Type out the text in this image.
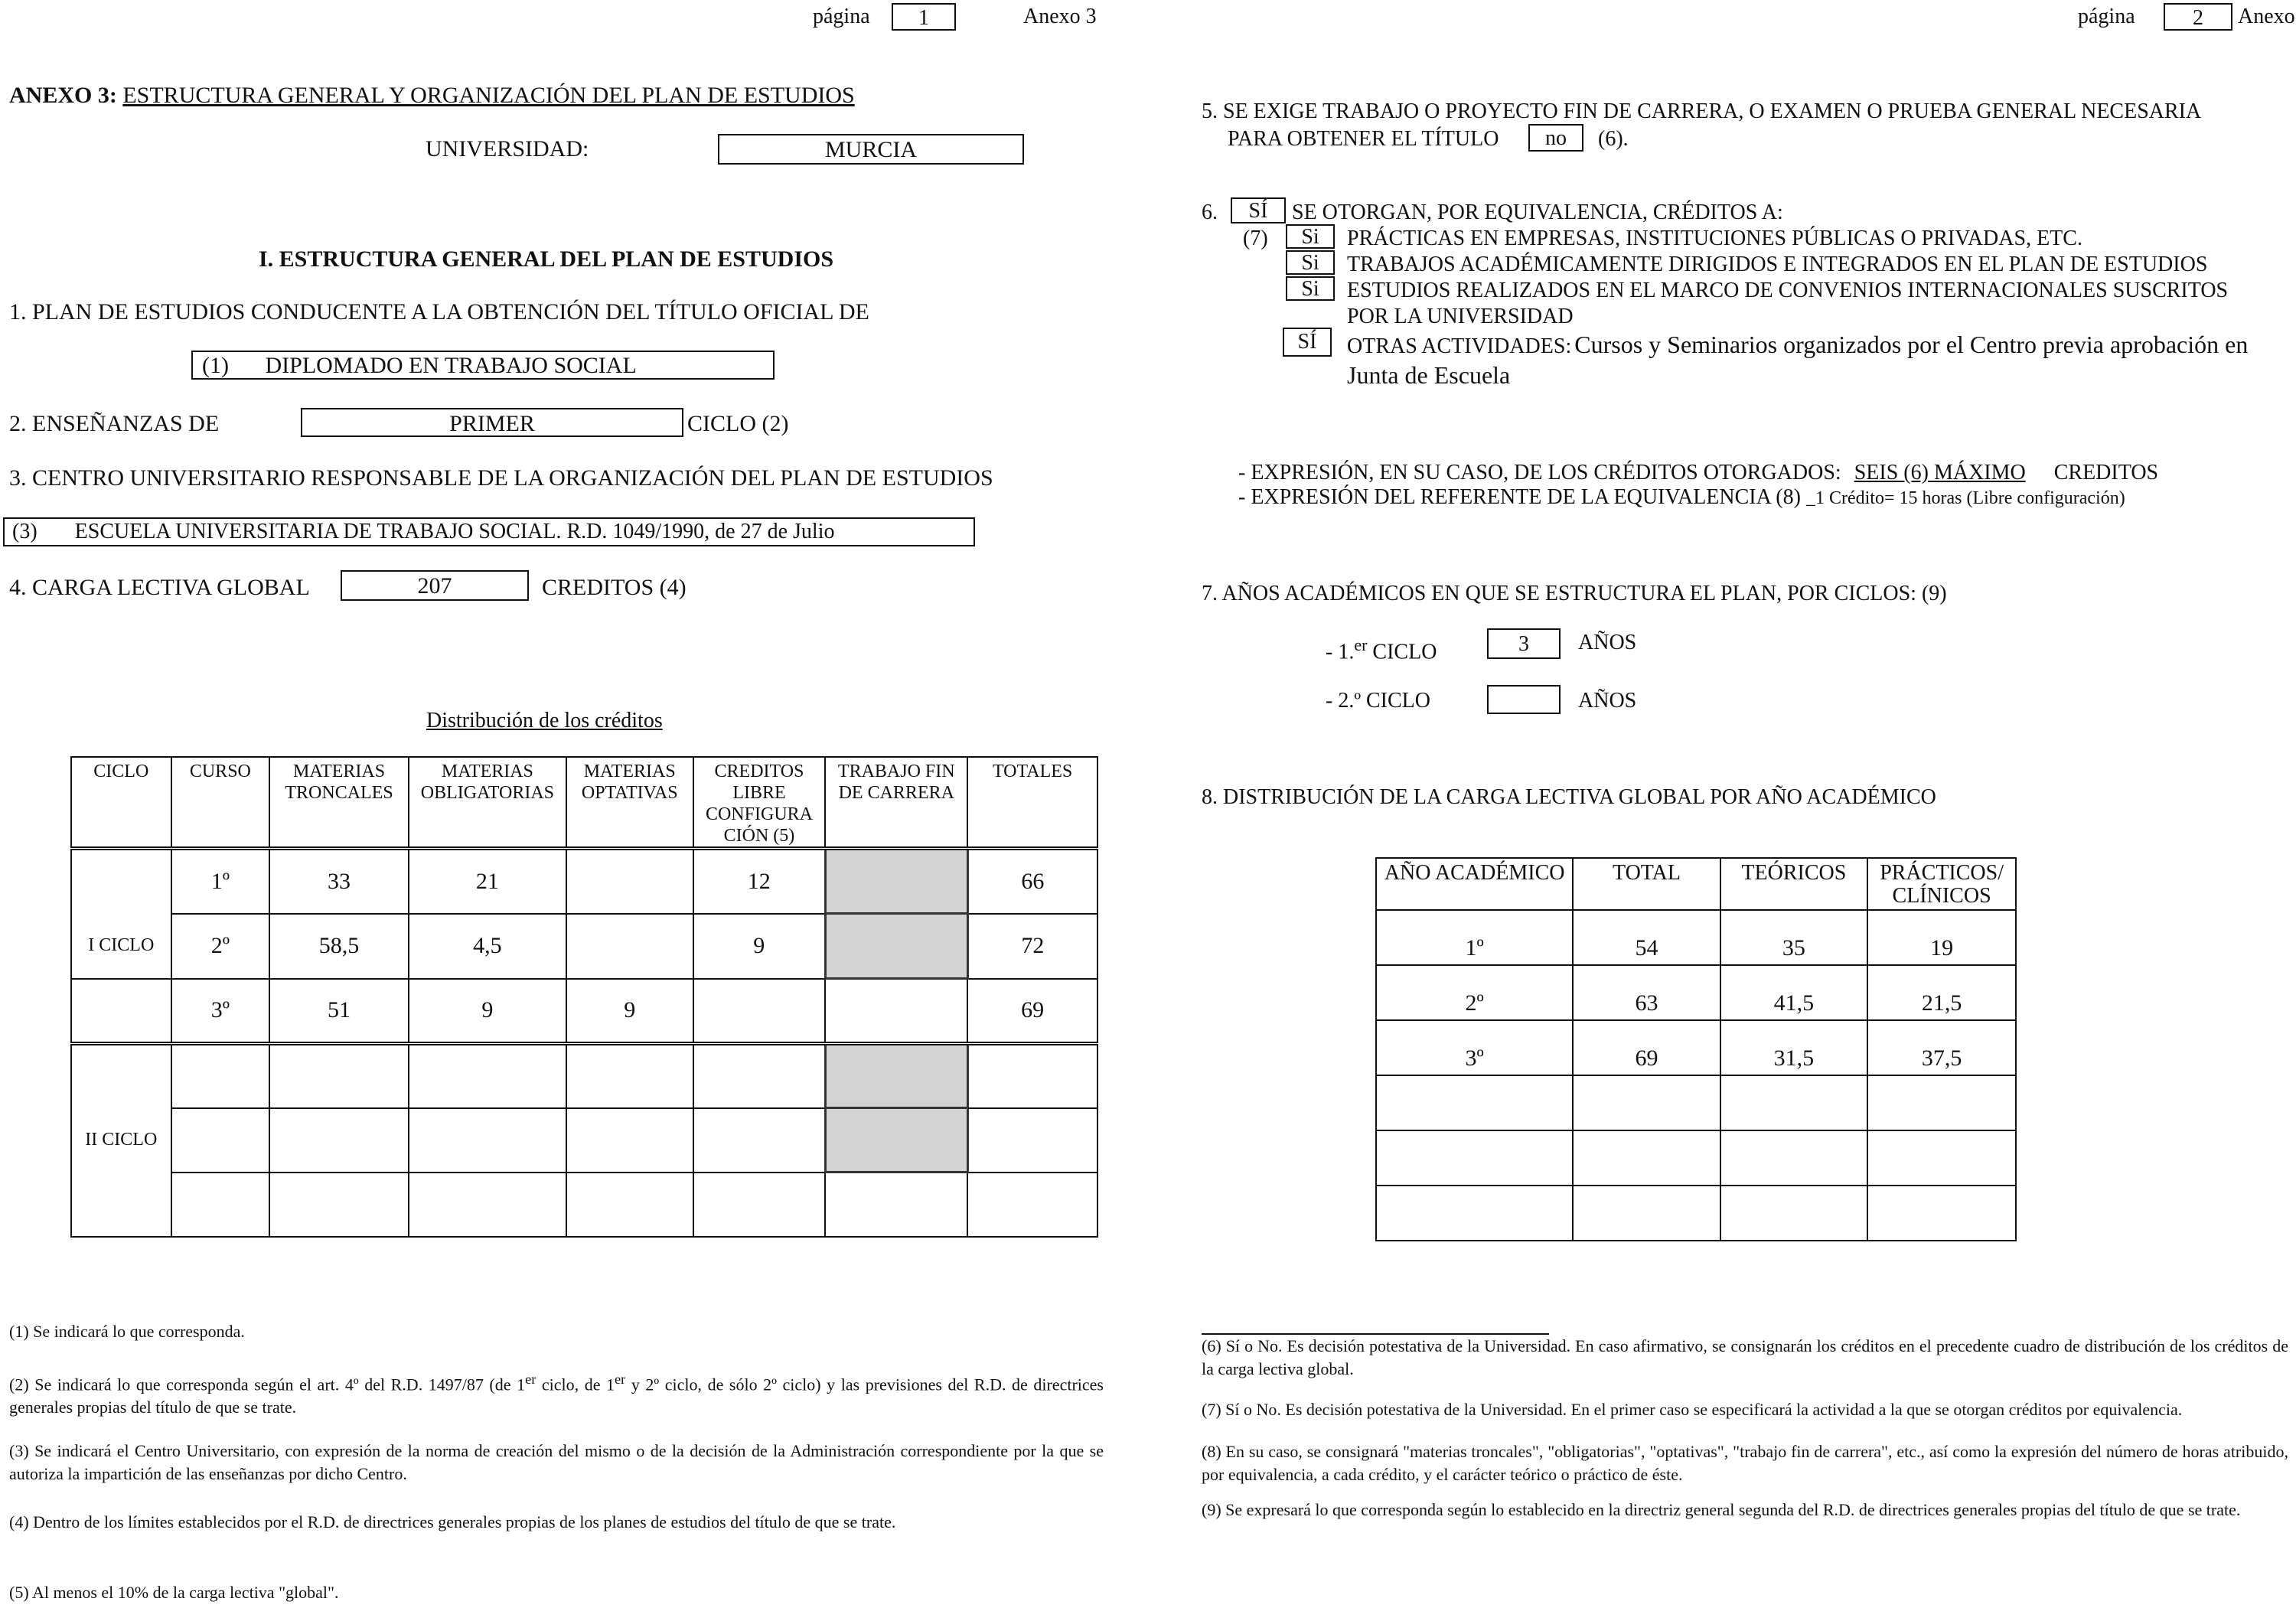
página	1	Anexo 3
ANEXO 3: ESTRUCTURA GENERAL Y ORGANIZACIÓN DEL PLAN DE ESTUDIOS
UNIVERSIDAD:	MURCIA
I. ESTRUCTURA GENERAL DEL PLAN DE ESTUDIOS
1. PLAN DE ESTUDIOS CONDUCENTE A LA OBTENCIÓN DEL TÍTULO OFICIAL DE
(1) DIPLOMADO EN TRABAJO SOCIAL
2. ENSEÑANZAS DE	PRIMER	CICLO (2)
3. CENTRO UNIVERSITARIO RESPONSABLE DE LA ORGANIZACIÓN DEL PLAN DE ESTUDIOS
(3) ESCUELA UNIVERSITARIA DE TRABAJO SOCIAL. R.D. 1049/1990, de 27 de Julio
4. CARGA LECTIVA GLOBAL	207	CREDITOS (4)
Distribución de los créditos
CICLO	CURSO	MATERIAS TRONCALES	MATERIAS OBLIGATORIAS	MATERIAS OPTATIVAS	CREDITOS LIBRE CONFIGURA CIÓN (5)	TRABAJO FIN DE CARRERA	TOTALES
	1º	33	21		12		66
I CICLO	2º	58,5	4,5		9		72
	3º	51	9	9			69

II CICLO							

(1) Se indicará lo que corresponda.
(2) Se indicará lo que corresponda según el art. 4º del R.D. 1497/87 (de 1er ciclo, de 1er y 2º ciclo, de sólo 2º ciclo) y las previsiones del R.D. de directrices generales propias del título de que se trate.
(3) Se indicará el Centro Universitario, con expresión de la norma de creación del mismo o de la decisión de la Administración correspondiente por la que se autoriza la impartición de las enseñanzas por dicho Centro.
(4) Dentro de los límites establecidos por el R.D. de directrices generales propias de los planes de estudios del título de que se trate.
(5) Al menos el 10% de la carga lectiva "global".
página	2	Anexo
5. SE EXIGE TRABAJO O PROYECTO FIN DE CARRERA, O EXAMEN O PRUEBA GENERAL NECESARIA
PARA OBTENER EL TÍTULO	no	(6).
6.	SÍ	SE OTORGAN, POR EQUIVALENCIA, CRÉDITOS A:
(7)	Si	PRÁCTICAS EN EMPRESAS, INSTITUCIONES PÚBLICAS O PRIVADAS, ETC.
Si	TRABAJOS ACADÉMICAMENTE DIRIGIDOS E INTEGRADOS EN EL PLAN DE ESTUDIOS
Si	ESTUDIOS REALIZADOS EN EL MARCO DE CONVENIOS INTERNACIONALES SUSCRITOS
POR LA UNIVERSIDAD
SÍ	OTRAS ACTIVIDADES: Cursos y Seminarios organizados por el Centro previa aprobación en
Junta de Escuela
- EXPRESIÓN, EN SU CASO, DE LOS CRÉDITOS OTORGADOS: SEIS (6) MÁXIMO CREDITOS
- EXPRESIÓN DEL REFERENTE DE LA EQUIVALENCIA (8) _1 Crédito= 15 horas (Libre configuración)
7. AÑOS ACADÉMICOS EN QUE SE ESTRUCTURA EL PLAN, POR CICLOS: (9)
- 1.$^{er}$ CICLO	3	AÑOS
- 2.º CICLO	AÑOS
8. DISTRIBUCIÓN DE LA CARGA LECTIVA GLOBAL POR AÑO ACADÉMICO
AÑO ACADÉMICO	TOTAL	TEÓRICOS	PRÁCTICOS/ CLÍNICOS
1º	54	35	19
2º	63	41,5	21,5
3º	69	31,5	37,5

(6) Sí o No. Es decisión potestativa de la Universidad. En caso afirmativo, se consignarán los créditos en el precedente cuadro de distribución de los créditos de la carga lectiva global.
(7) Sí o No. Es decisión potestativa de la Universidad. En el primer caso se especificará la actividad a la que se otorgan créditos por equivalencia.
(8) En su caso, se consignará "materias troncales", "obligatorias", "optativas", "trabajo fin de carrera", etc., así como la expresión del número de horas atribuido, por equivalencia, a cada crédito, y el carácter teórico o práctico de éste.
(9) Se expresará lo que corresponda según lo establecido en la directriz general segunda del R.D. de directrices generales propias del título de que se trate.
